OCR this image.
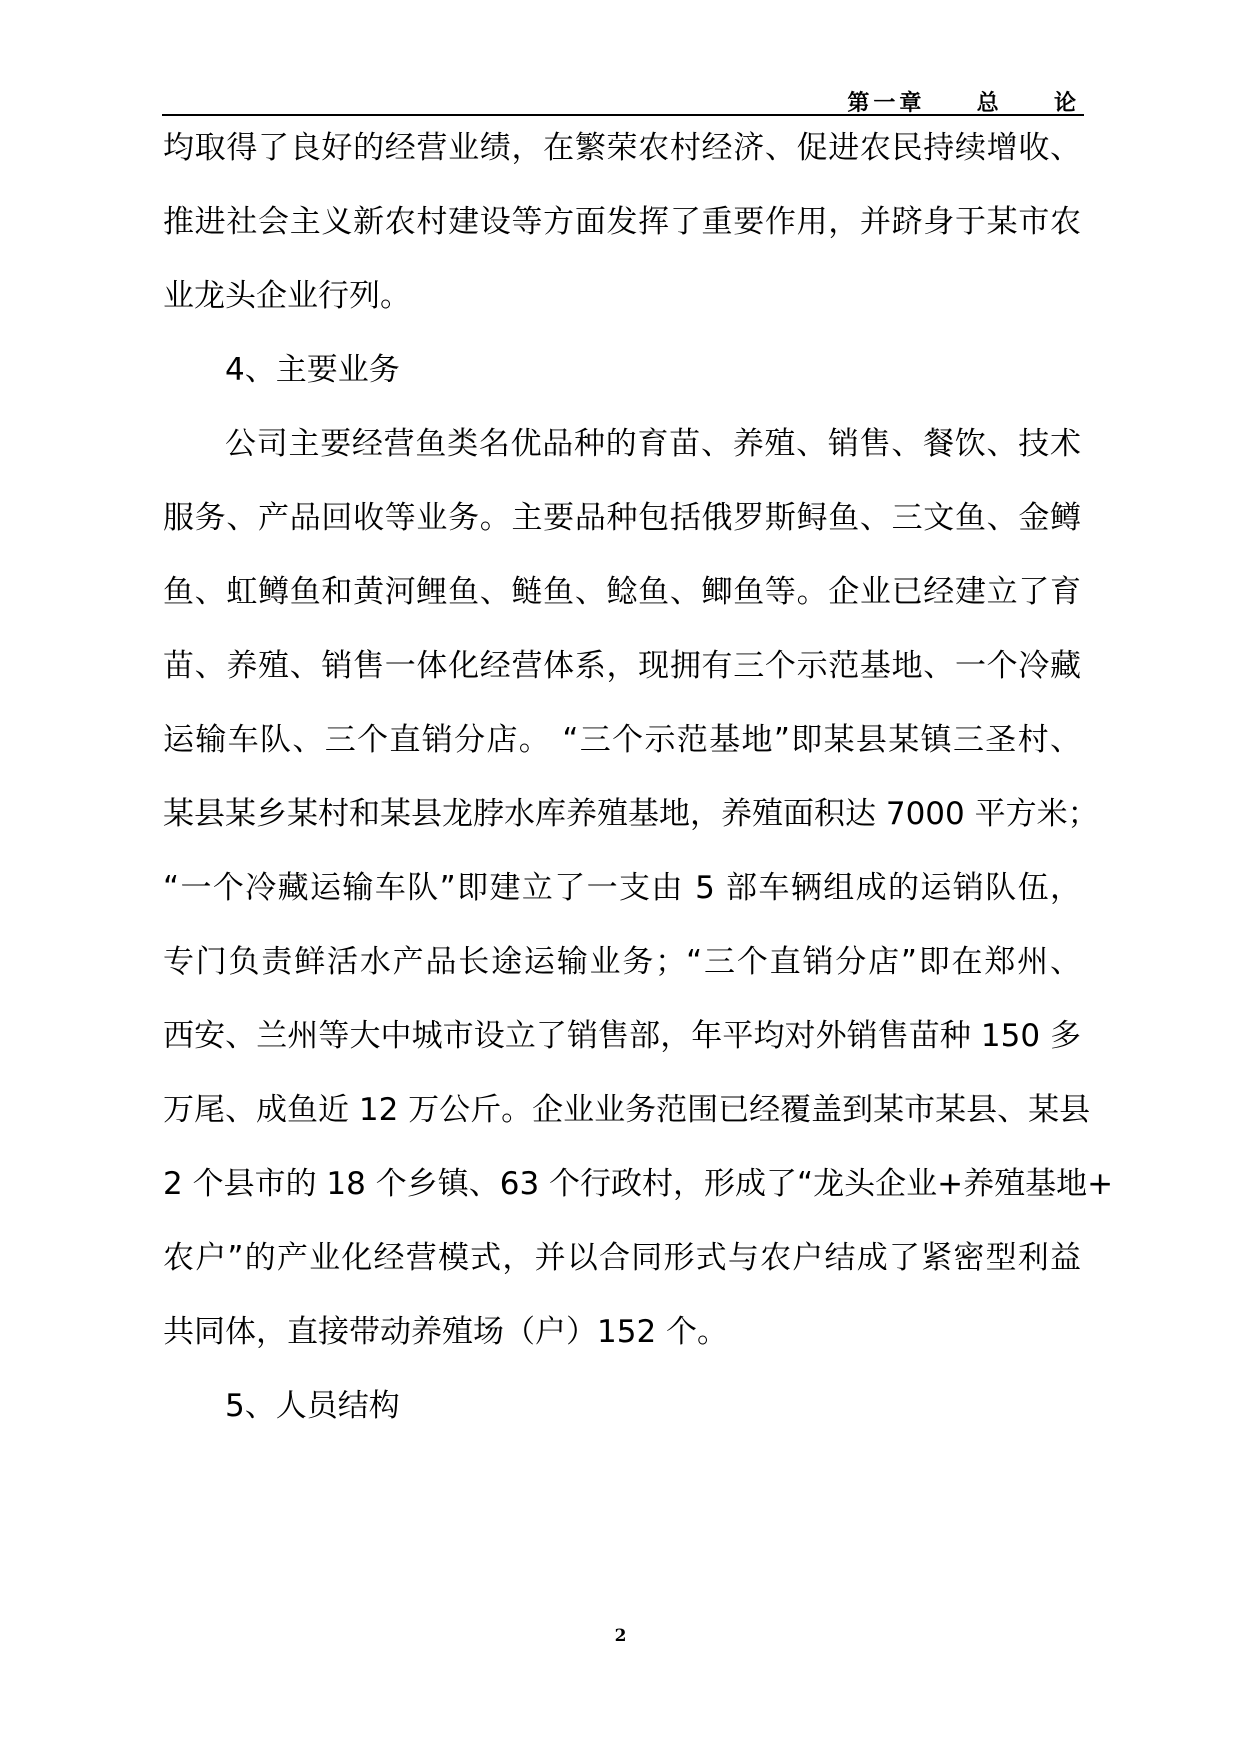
第一章  总  论
均取得了良好的经营业绩，在繁荣农村经济、促进农民持续增收、
推进社会主义新农村建设等方面发挥了重要作用，并跻身于某市农
业龙头企业行列。
4、主要业务
公司主要经营鱼类名优品种的育苗、养殖、销售、餐饮、技术
服务、产品回收等业务。主要品种包括俄罗斯鲟鱼、三文鱼、金鳟
鱼、虹鳟鱼和黄河鲤鱼、鲢鱼、鲶鱼、鲫鱼等。企业已经建立了育
苗、养殖、销售一体化经营体系，现拥有三个示范基地、一个冷藏
运输车队、三个直销分店。 “三个示范基地”即某县某镇三圣村、
某县某乡某村和某县龙脖水库养殖基地，养殖面积达 7000 平方米；
“一个冷藏运输车队”即建立了一支由 5 部车辆组成的运销队伍，
专门负责鲜活水产品长途运输业务；“三个直销分店”即在郑州、
西安、兰州等大中城市设立了销售部，年平均对外销售苗种 150 多
万尾、成鱼近 12 万公斤。企业业务范围已经覆盖到某市某县、某县
2 个县市的 18 个乡镇、63 个行政村，形成了“龙头企业+养殖基地+
农户”的产业化经营模式，并以合同形式与农户结成了紧密型利益
共同体，直接带动养殖场（户）152 个。
5、人员结构
2
